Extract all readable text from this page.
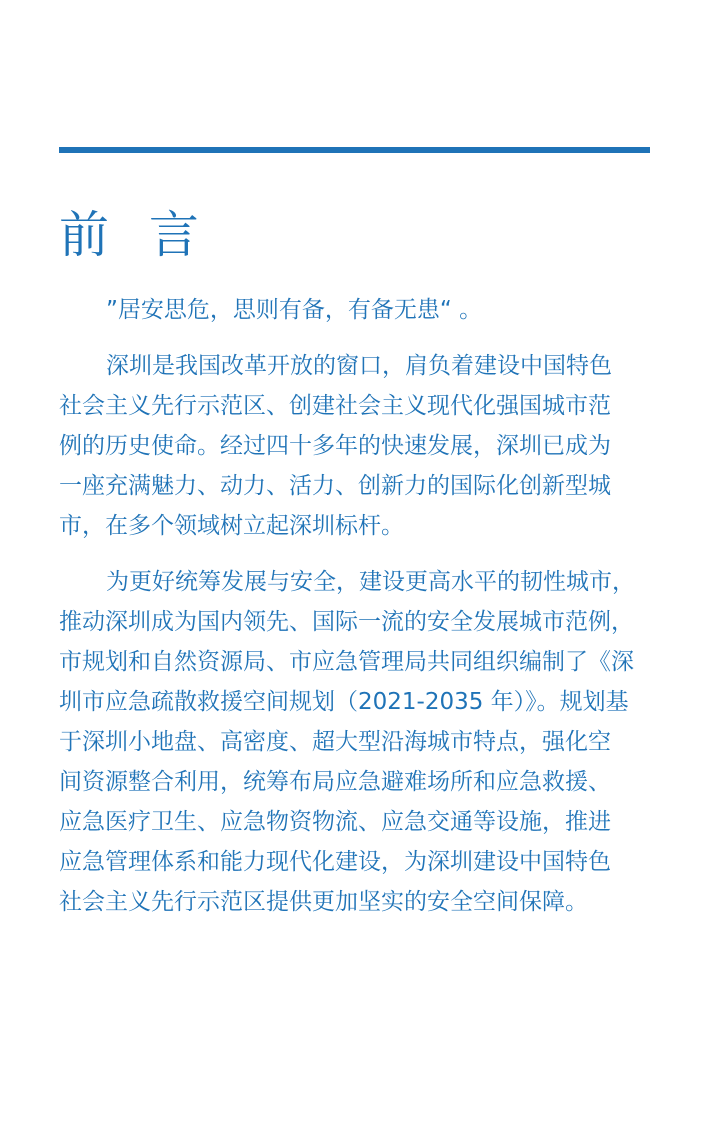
前 言

”居安思危，思则有备，有备无患“ 。

深圳是我国改革开放的窗口，肩负着建设中国特色
社会主义先行示范区、创建社会主义现代化强国城市范
例的历史使命。经过四十多年的快速发展，深圳已成为
一座充满魅力、动力、活力、创新力的国际化创新型城
市，在多个领域树立起深圳标杆。

为更好统筹发展与安全，建设更高水平的韧性城市，
推动深圳成为国内领先、国际一流的安全发展城市范例，
市规划和自然资源局、市应急管理局共同组织编制了《深
圳市应急疏散救援空间规划（2021-2035 年）》。规划基
于深圳小地盘、高密度、超大型沿海城市特点，强化空
间资源整合利用，统筹布局应急避难场所和应急救援、
应急医疗卫生、应急物资物流、应急交通等设施，推进
应急管理体系和能力现代化建设，为深圳建设中国特色
社会主义先行示范区提供更加坚实的安全空间保障。
